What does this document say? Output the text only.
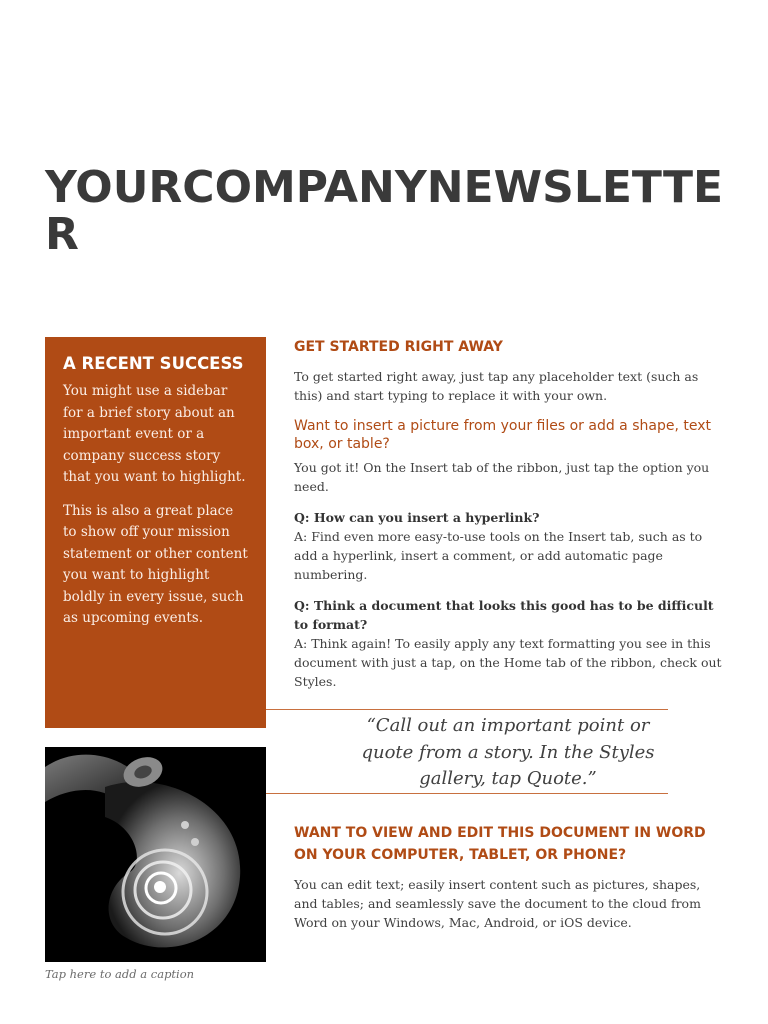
YOURCOMPANYNEWSLETTER
A RECENT SUCCESS

You might use a sidebar for a brief story about an important event or a company success story that you want to highlight.

This is also a great place to show off your mission statement or other content you want to highlight boldly in every issue, such as upcoming events.

Tap here to add a caption
GET STARTED RIGHT AWAY

To get started right away, just tap any placeholder text (such as this) and start typing to replace it with your own.

Want to insert a picture from your files or add a shape, text box, or table?

You got it! On the Insert tab of the ribbon, just tap the option you need.

Q: How can you insert a hyperlink?

A: Find even more easy-to-use tools on the Insert tab, such as to add a hyperlink, insert a comment, or add automatic page numbering.

Q: Think a document that looks this good has to be difficult to format?

A: Think again! To easily apply any text formatting you see in this document with just a tap, on the Home tab of the ribbon, check out Styles.

“Call out an important point or quote from a story. In the Styles gallery, tap Quote.”
WANT TO VIEW AND EDIT THIS DOCUMENT IN WORD ON YOUR COMPUTER, TABLET, OR PHONE?

You can edit text; easily insert content such as pictures, shapes, and tables; and seamlessly save the document to the cloud from Word on your Windows, Mac, Android, or iOS device.
